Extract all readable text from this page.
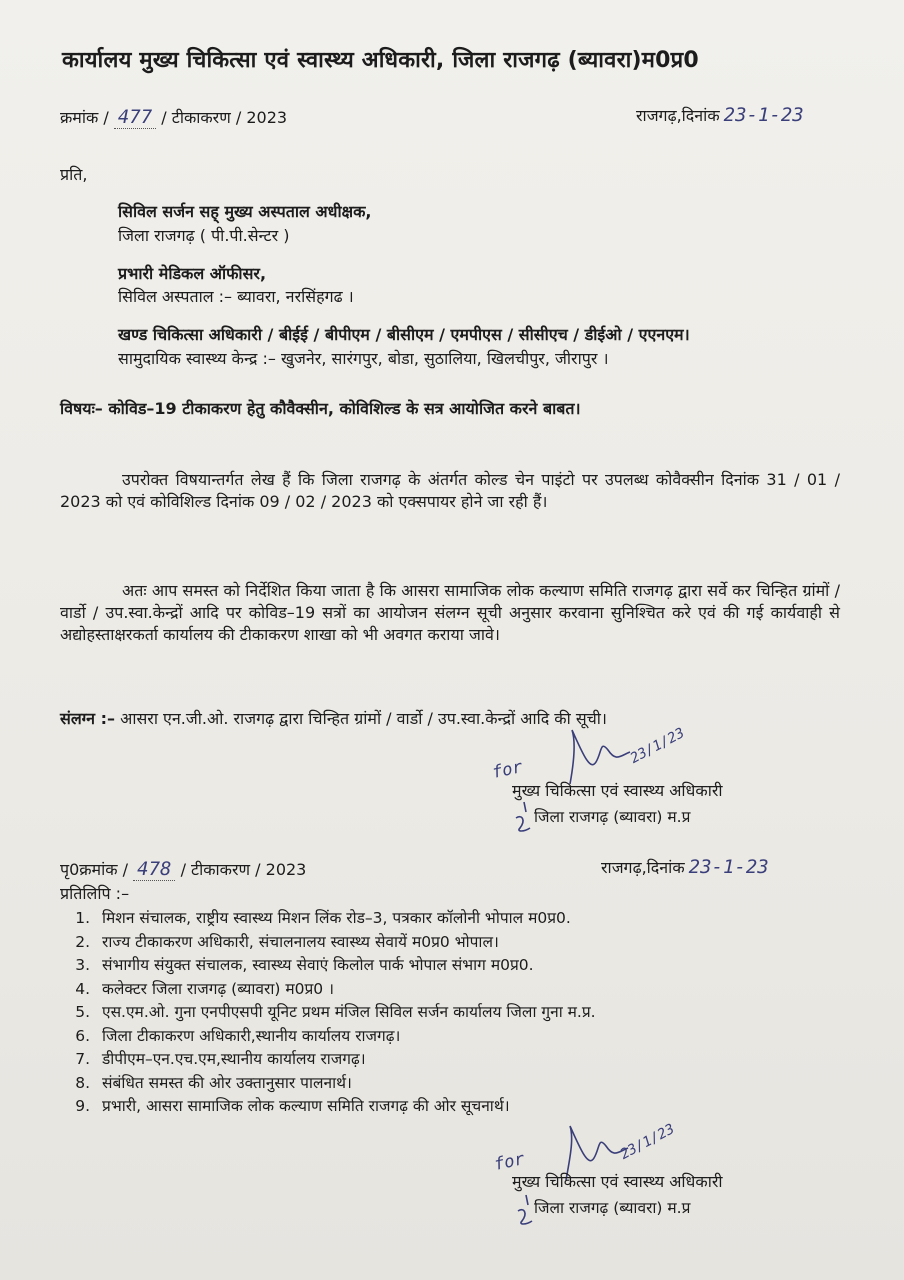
कार्यालय मुख्य चिकित्सा एवं स्वास्थ्य अधिकारी, जिला राजगढ़ (ब्यावरा)म0प्र0
क्रमांक / 477 / टीकाकरण / 2023	राजगढ़,दिनांक 23-1-23
प्रति,
सिविल सर्जन सह् मुख्य अस्पताल अधीक्षक,
जिला राजगढ़ ( पी.पी.सेन्टर )
प्रभारी मेडिकल ऑफीसर,
सिविल अस्पताल :– ब्यावरा, नरसिंहगढ ।
खण्ड चिकित्सा अधिकारी / बीईई / बीपीएम / बीसीएम / एमपीएस / सीसीएच / डीईओ / एएनएम।
सामुदायिक स्वास्थ्य केन्द्र :– खुजनेर, सारंगपुर, बोडा, सुठालिया, खिलचीपुर, जीरापुर ।
विषयः– कोविड–19 टीकाकरण हेतु कौवैक्सीन, कोविशिल्ड के सत्र आयोजित करने बाबत।
उपरोक्त विषयान्तर्गत लेख हैं कि जिला राजगढ़ के अंतर्गत कोल्ड चेन पाइंटो पर उपलब्ध कोवैक्सीन दिनांक 31 / 01 / 2023 को एवं कोविशिल्ड दिनांक 09 / 02 / 2023 को एक्सपायर होने जा रही हैं।
अतः आप समस्त को निर्देशित किया जाता है कि आसरा सामाजिक लोक कल्याण समिति राजगढ़ द्वारा सर्वे कर चिन्हित ग्रांमों / वार्डो / उप.स्वा.केन्द्रों आदि पर कोविड–19 सत्रों का आयोजन संलग्न सूची अनुसार करवाना सुनिश्चित करे एवं की गई कार्यवाही से अद्योहस्ताक्षरकर्ता कार्यालय की टीकाकरण शाखा को भी अवगत कराया जावे।
संलग्न :– आसरा एन.जी.ओ. राजगढ़ द्वारा चिन्हित ग्रांमों / वार्डो / उप.स्वा.केन्द्रों आदि की सूची।
for
23/1/23
मुख्य चिकित्सा एवं स्वास्थ्य अधिकारी
जिला राजगढ़ (ब्यावरा) म.प्र
पृ0क्रमांक / 478 / टीकाकरण / 2023	राजगढ़,दिनांक 23-1-23
प्रतिलिपि :–
1. मिशन संचालक, राष्ट्रीय स्वास्थ्य मिशन लिंक रोड–3, पत्रकार कॉलोनी भोपाल म0प्र0.
2. राज्य टीकाकरण अधिकारी, संचालनालय स्वास्थ्य सेवायें म0प्र0 भोपाल।
3. संभागीय संयुक्त संचालक, स्वास्थ्य सेवाएं किलोल पार्क भोपाल संभाग म0प्र0.
4. कलेक्टर जिला राजगढ़ (ब्यावरा) म0प्र0 ।
5. एस.एम.ओ. गुना एनपीएसपी यूनिट प्रथम मंजिल सिविल सर्जन कार्यालय जिला गुना म.प्र.
6. जिला टीकाकरण अधिकारी,स्थानीय कार्यालय राजगढ़।
7. डीपीएम–एन.एच.एम,स्थानीय कार्यालय राजगढ़।
8. संबंधित समस्त की ओर उक्तानुसार पालनार्थ।
9. प्रभारी, आसरा सामाजिक लोक कल्याण समिति राजगढ़ की ओर सूचनार्थ।
for	23/1/23
मुख्य चिकित्सा एवं स्वास्थ्य अधिकारी
जिला राजगढ़ (ब्यावरा) म.प्र
